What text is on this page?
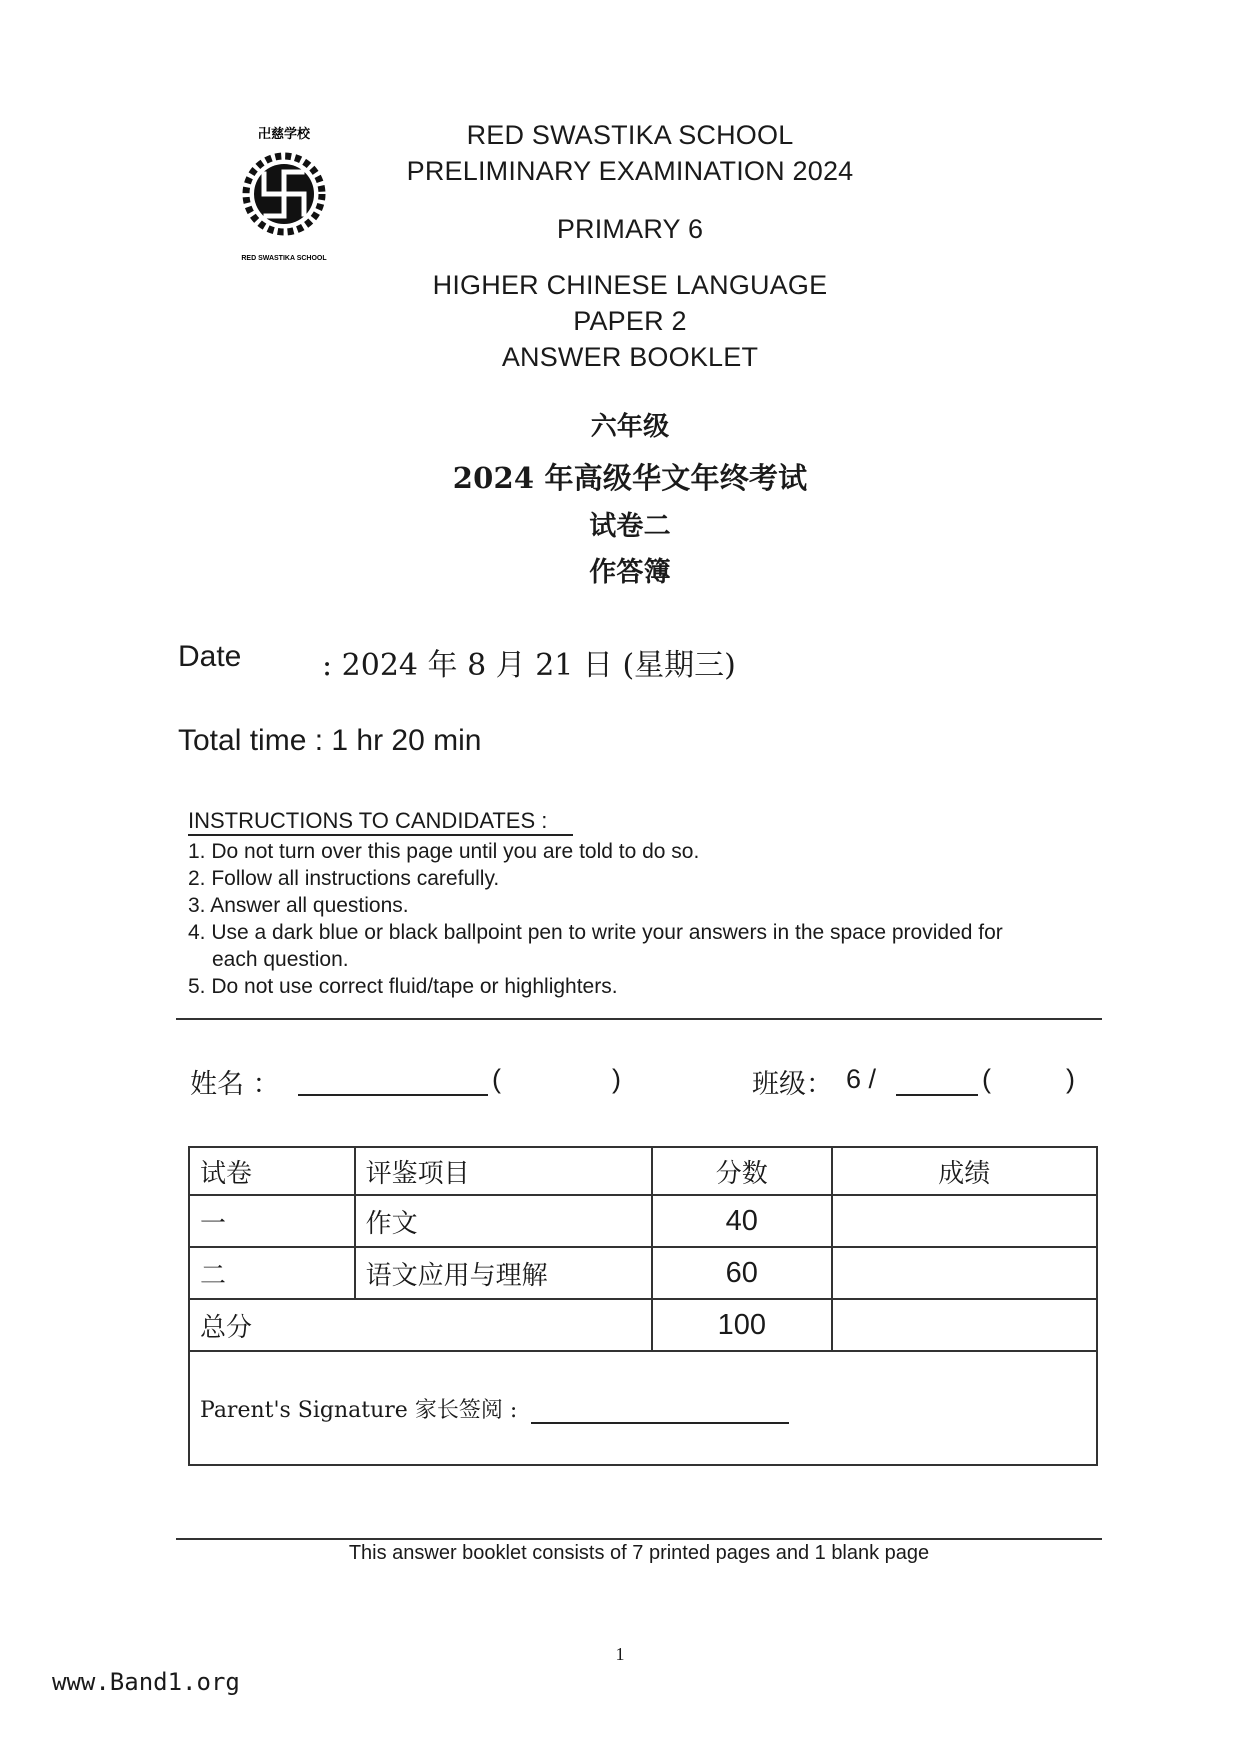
卍慈学校
RED SWASTIKA SCHOOL
RED SWASTIKA SCHOOL
PRELIMINARY EXAMINATION 2024
PRIMARY 6
HIGHER CHINESE LANGUAGE
PAPER 2
ANSWER BOOKLET
六年级
2024 年高级华文年终考试
试卷二
作答簿
Date	: 2024 年 8 月 21 日 (星期三)
Total time : 1 hr 20 min
INSTRUCTIONS TO CANDIDATES :
1. Do not turn over this page until you are told to do so.
2. Follow all instructions carefully.
3. Answer all questions.
4. Use a dark blue or black ballpoint pen to write your answers in the space provided for each question.
5. Do not use correct fluid/tape or highlighters.
姓名 ：	(	)	班级： 6 /	(	)
试卷	评鉴项目	分数	成绩
一	作文	40	
二	语文应用与理解	60	
总分		100	
Parent's Signature 家长签阅 :			
This answer booklet consists of 7 printed pages and 1 blank page
1
www.Band1.org
